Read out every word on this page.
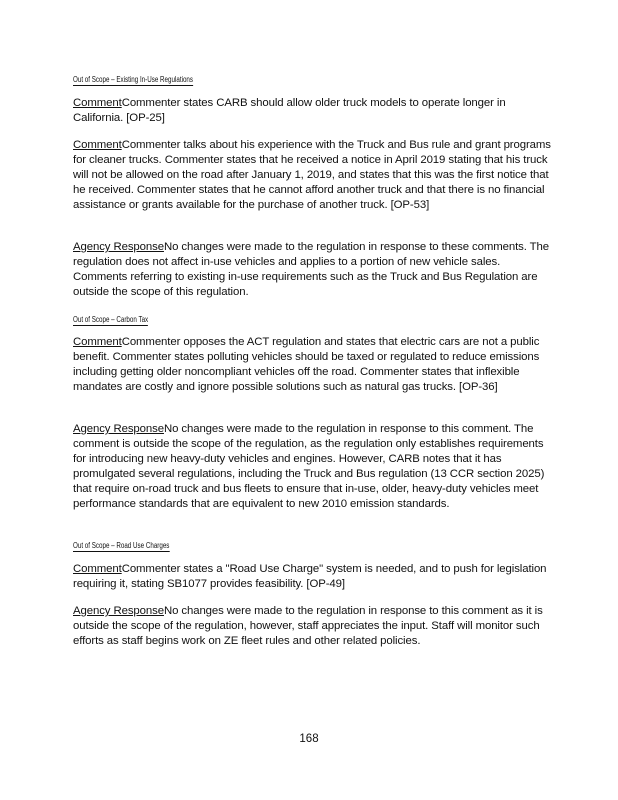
Out of Scope – Existing In-Use Regulations
CommentCommenter states CARB should allow older truck models to operate longer in California. [OP-25]
CommentCommenter talks about his experience with the Truck and Bus rule and grant programs for cleaner trucks. Commenter states that he received a notice in April 2019 stating that his truck will not be allowed on the road after January 1, 2019, and states that this was the first notice that he received. Commenter states that he cannot afford another truck and that there is no financial assistance or grants available for the purchase of another truck. [OP-53]
Agency ResponseNo changes were made to the regulation in response to these comments. The regulation does not affect in-use vehicles and applies to a portion of new vehicle sales. Comments referring to existing in-use requirements such as the Truck and Bus Regulation are outside the scope of this regulation.
Out of Scope – Carbon Tax
CommentCommenter opposes the ACT regulation and states that electric cars are not a public benefit. Commenter states polluting vehicles should be taxed or regulated to reduce emissions including getting older noncompliant vehicles off the road. Commenter states that inflexible mandates are costly and ignore possible solutions such as natural gas trucks. [OP-36]
Agency ResponseNo changes were made to the regulation in response to this comment. The comment is outside the scope of the regulation, as the regulation only establishes requirements for introducing new heavy-duty vehicles and engines. However, CARB notes that it has promulgated several regulations, including the Truck and Bus regulation (13 CCR section 2025) that require on-road truck and bus fleets to ensure that in-use, older, heavy-duty vehicles meet performance standards that are equivalent to new 2010 emission standards.
Out of Scope – Road Use Charges
CommentCommenter states a "Road Use Charge" system is needed, and to push for legislation requiring it, stating SB1077 provides feasibility. [OP-49]
Agency ResponseNo changes were made to the regulation in response to this comment as it is outside the scope of the regulation, however, staff appreciates the input. Staff will monitor such efforts as staff begins work on ZE fleet rules and other related policies.
168
